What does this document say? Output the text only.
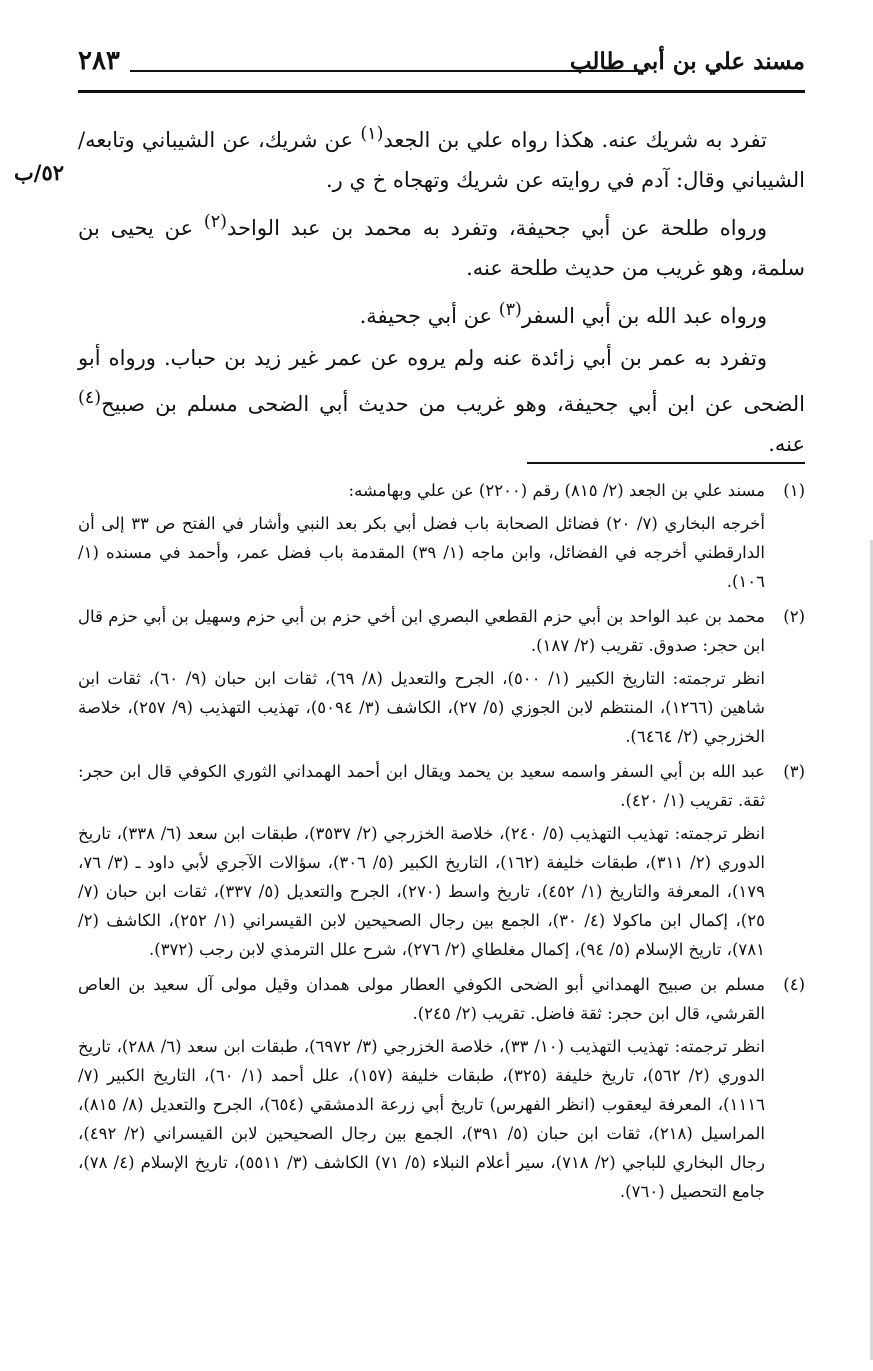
مسند علي بن أبي طالب
٢٨٣
٥٢/ب

تفرد به شريك عنه. هكذا رواه علي بن الجعد$^{(١)}$ عن شريك، عن الشيباني وتابعه/الشيباني وقال: آدم في روايته عن شريك وتهجاه خ ي ر.

ورواه طلحة عن أبي جحيفة، وتفرد به محمد بن عبد الواحد$^{(٢)}$ عن يحيى بن سلمة، وهو غريب من حديث طلحة عنه.

ورواه عبد الله بن أبي السفر$^{(٣)}$ عن أبي جحيفة.

وتفرد به عمر بن أبي زائدة عنه ولم يروه عن عمر غير زيد بن حباب. ورواه أبو الضحى عن ابن أبي جحيفة، وهو غريب من حديث أبي الضحى مسلم بن صبيح$^{(٤)}$ عنه.

(١)

مسند علي بن الجعد (٢/ ٨١٥) رقم (٢٢٠٠) عن علي وبهامشه:

أخرجه البخاري (٧/ ٢٠) فضائل الصحابة باب فضل أبي بكر بعد النبي وأشار في الفتح ص ٣٣ إلى أن الدارقطني أخرجه في الفضائل، وابن ماجه (١/ ٣٩) المقدمة باب فضل عمر، وأحمد في مسنده (١/ ١٠٦).

(٢)

محمد بن عبد الواحد بن أبي حزم القطعي البصري ابن أخي حزم بن أبي حزم وسهيل بن أبي حزم قال ابن حجر: صدوق. تقريب (٢/ ١٨٧).

انظر ترجمته: التاريخ الكبير (١/ ٥٠٠)، الجرح والتعديل (٨/ ٦٩)، ثقات ابن حبان (٩/ ٦٠)، ثقات ابن شاهين (١٢٦٦)، المنتظم لابن الجوزي (٥/ ٢٧)، الكاشف (٣/ ٥٠٩٤)، تهذيب التهذيب (٩/ ٢٥٧)، خلاصة الخزرجي (٢/ ٦٤٦٤).

(٣)

عبد الله بن أبي السفر واسمه سعيد بن يحمد ويقال ابن أحمد الهمداني الثوري الكوفي قال ابن حجر: ثقة. تقريب (١/ ٤٢٠).

انظر ترجمته: تهذيب التهذيب (٥/ ٢٤٠)، خلاصة الخزرجي (٢/ ٣٥٣٧)، طبقات ابن سعد (٦/ ٣٣٨)، تاريخ الدوري (٢/ ٣١١)، طبقات خليفة (١٦٢)، التاريخ الكبير (٥/ ٣٠٦)، سؤالات الآجري لأبي داود ـ (٣/ ٧٦، ١٧٩)، المعرفة والتاريخ (١/ ٤٥٢)، تاريخ واسط (٢٧٠)، الجرح والتعديل (٥/ ٣٣٧)، ثقات ابن حبان (٧/ ٢٥)، إكمال ابن ماكولا (٤/ ٣٠)، الجمع بين رجال الصحيحين لابن القيسراني (١/ ٢٥٢)، الكاشف (٢/ ٧٨١)، تاريخ الإسلام (٥/ ٩٤)، إكمال مغلطاي (٢/ ٢٧٦)، شرح علل الترمذي لابن رجب (٣٧٢).

(٤)

مسلم بن صبيح الهمداني أبو الضحى الكوفي العطار مولى همدان وقيل مولى آل سعيد بن العاص القرشي، قال ابن حجر: ثقة فاضل. تقريب (٢/ ٢٤٥).

انظر ترجمته: تهذيب التهذيب (١٠/ ٣٣)، خلاصة الخزرجي (٣/ ٦٩٧٢)، طبقات ابن سعد (٦/ ٢٨٨)، تاريخ الدوري (٢/ ٥٦٢)، تاريخ خليفة (٣٢٥)، طبقات خليفة (١٥٧)، علل أحمد (١/ ٦٠)، التاريخ الكبير (٧/ ١١١٦)، المعرفة ليعقوب (انظر الفهرس) تاريخ أبي زرعة الدمشقي (٦٥٤)، الجرح والتعديل (٨/ ٨١٥)، المراسيل (٢١٨)، ثقات ابن حبان (٥/ ٣٩١)، الجمع بين رجال الصحيحين لابن القيسراني (٢/ ٤٩٢)، رجال البخاري للباجي (٢/ ٧١٨)، سير أعلام النبلاء (٥/ ٧١) الكاشف (٣/ ٥٥١١)، تاريخ الإسلام (٤/ ٧٨)، جامع التحصيل (٧٦٠).
